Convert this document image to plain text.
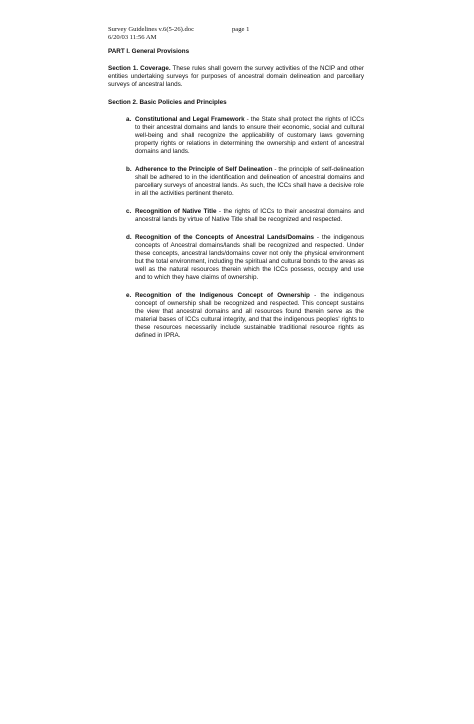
Survey Guidelines v.6(5-26).doc	page 1
6/20/03 11:56 AM
PART I. General Provisions
Section 1. Coverage. These rules shall govern the survey activities of the NCIP and other entities undertaking surveys for purposes of ancestral domain delineation and parcellary surveys of ancestral lands.
Section 2. Basic Policies and Principles
a. Constitutional and Legal Framework - the State shall protect the rights of ICCs to their ancestral domains and lands to ensure their economic, social and cultural well-being and shall recognize the applicability of customary laws governing property rights or relations in determining the ownership and extent of ancestral domains and lands.
b. Adherence to the Principle of Self Delineation - the principle of self-delineation shall be adhered to in the identification and delineation of ancestral domains and parcellary surveys of ancestral lands. As such, the ICCs shall have a decisive role in all the activities pertinent thereto.
c. Recognition of Native Title - the rights of ICCs to their ancestral domains and ancestral lands by virtue of Native Title shall be recognized and respected.
d. Recognition of the Concepts of Ancestral Lands/Domains - the indigenous concepts of Ancestral domains/lands shall be recognized and respected. Under these concepts, ancestral lands/domains cover not only the physical environment but the total environment, including the spiritual and cultural bonds to the areas as well as the natural resources therein which the ICCs possess, occupy and use and to which they have claims of ownership.
e. Recognition of the Indigenous Concept of Ownership - the indigenous concept of ownership shall be recognized and respected. This concept sustains the view that ancestral domains and all resources found therein serve as the material bases of ICCs cultural integrity, and that the indigenous peoples' rights to these resources necessarily include sustainable traditional resource rights as defined in IPRA.
